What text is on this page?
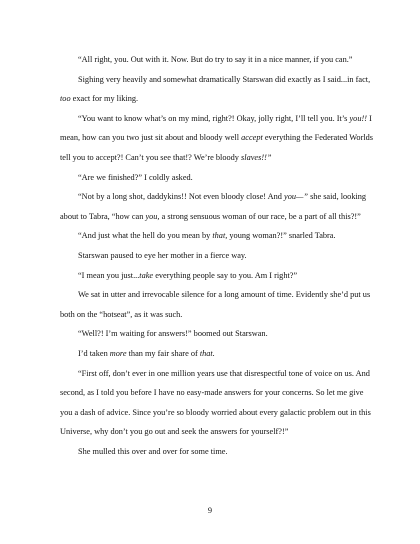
“All right, you. Out with it. Now. But do try to say it in a nice manner, if you can.”

Sighing very heavily and somewhat dramatically Starswan did exactly as I said...in fact, too exact for my liking.

“You want to know what’s on my mind, right?! Okay, jolly right, I’ll tell you. It’s you!! I mean, how can you two just sit about and bloody well accept everything the Federated Worlds tell you to accept?! Can’t you see that!? We’re bloody slaves!!”

“Are we finished?” I coldly asked.

“Not by a long shot, daddykins!! Not even bloody close! And you—” she said, looking about to Tabra, “how can you, a strong sensuous woman of our race, be a part of all this?!”

“And just what the hell do you mean by that, young woman?!” snarled Tabra.

Starswan paused to eye her mother in a fierce way.

“I mean you just...take everything people say to you. Am I right?”

We sat in utter and irrevocable silence for a long amount of time. Evidently she’d put us both on the “hotseat”, as it was such.

“Well?! I’m waiting for answers!” boomed out Starswan.

I’d taken more than my fair share of that.

“First off, don’t ever in one million years use that disrespectful tone of voice on us. And second, as I told you before I have no easy-made answers for your concerns. So let me give you a dash of advice. Since you’re so bloody worried about every galactic problem out in this Universe, why don’t you go out and seek the answers for yourself?!”

She mulled this over and over for some time.

9
